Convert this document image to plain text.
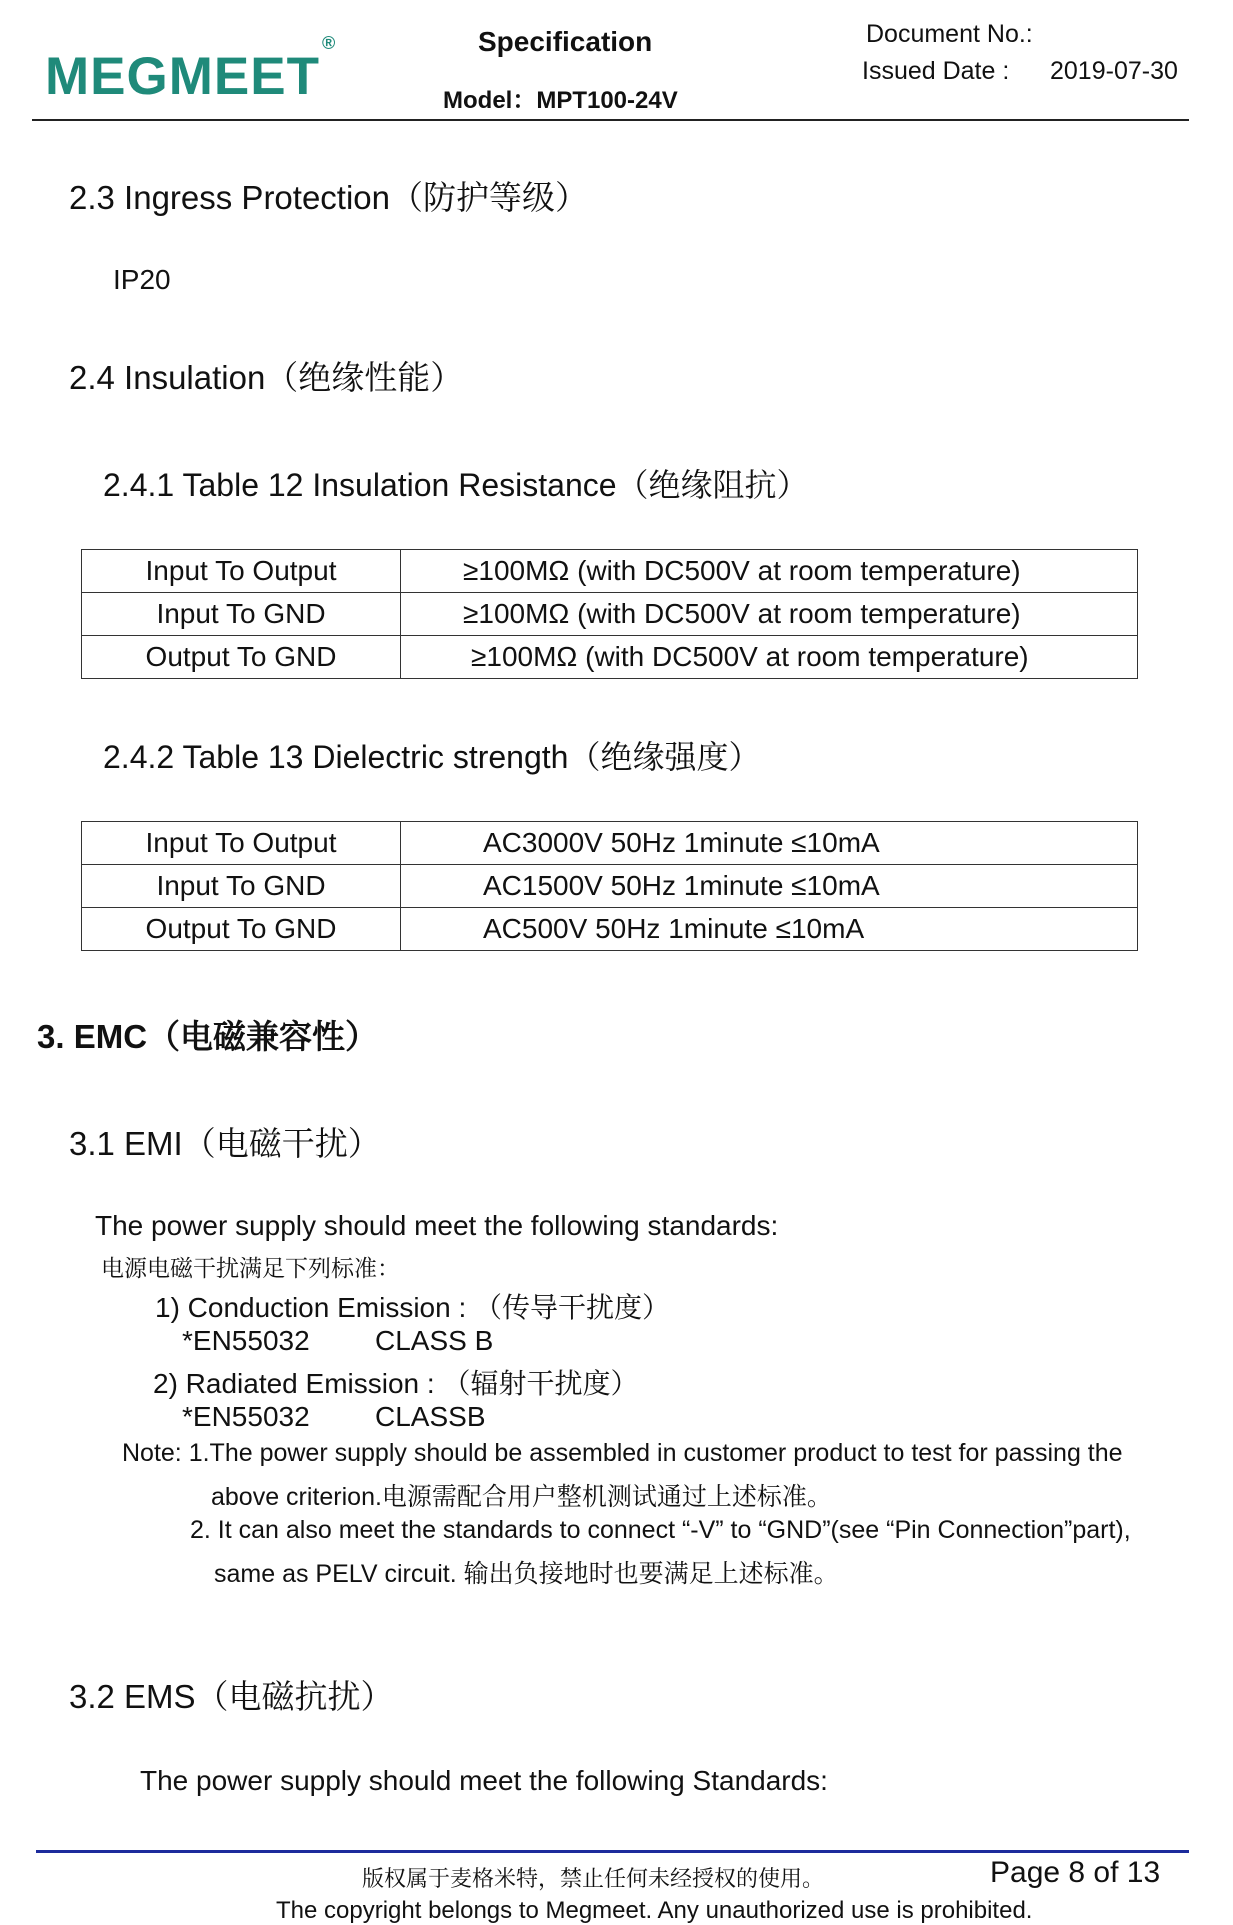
MEGMEET®	Specification
Model：MPT100-24V
Document No.:
Issued Date : 2019-07-30
2.3 Ingress Protection（防护等级）
IP20
2.4 Insulation（绝缘性能）
2.4.1 Table 12 Insulation Resistance（绝缘阻抗）
Input To Output	≥100MΩ (with DC500V at room temperature)
Input To GND	≥100MΩ (with DC500V at room temperature)
Output To GND	≥100MΩ (with DC500V at room temperature)
2.4.2 Table 13 Dielectric strength（绝缘强度）
Input To Output	AC3000V 50Hz 1minute ≤10mA
Input To GND	AC1500V 50Hz 1minute ≤10mA
Output To GND	AC500V 50Hz 1minute ≤10mA
3. EMC（电磁兼容性）
3.1 EMI（电磁干扰）
The power supply should meet the following standards:
电源电磁干扰满足下列标准：
1) Conduction Emission : （传导干扰度）
*EN55032 CLASS B
2) Radiated Emission : （辐射干扰度）
*EN55032 CLASSB
Note: 1.The power supply should be assembled in customer product to test for passing the
above criterion.电源需配合用户整机测试通过上述标准。
2. It can also meet the standards to connect “-V” to “GND”(see “Pin Connection”part),
same as PELV circuit. 输出负接地时也要满足上述标准。
3.2 EMS（电磁抗扰）
The power supply should meet the following Standards:
版权属于麦格米特，禁止任何未经授权的使用。
The copyright belongs to Megmeet. Any unauthorized use is prohibited.
Page 8 of 13
